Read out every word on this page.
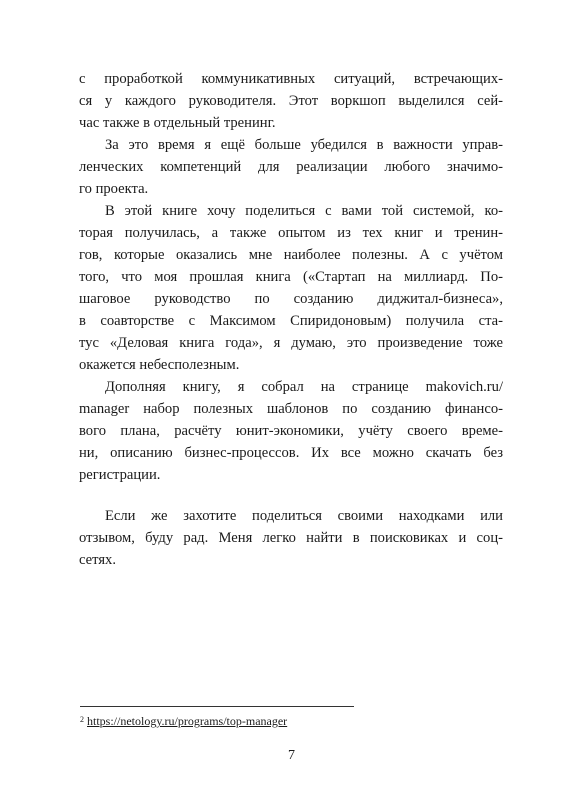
с проработкой коммуникативных ситуаций, встречающих-
ся у каждого руководителя. Этот воркшоп выделился сей-
час также в отдельный тренинг.
За это время я ещё больше убедился в важности управ-
ленческих компетенций для реализации любого значимо-
го проекта.
В этой книге хочу поделиться с вами той системой, ко-
торая получилась, а также опытом из тех книг и тренин-
гов, которые оказались мне наиболее полезны. А с учётом
того, что моя прошлая книга («Стартап на миллиард. По-
шаговое руководство по созданию диджитал-бизнеса»,
в соавторстве с Максимом Спиридоновым) получила ста-
тус «Деловая книга года», я думаю, это произведение тоже
окажется небесполезным.
Дополняя книгу, я собрал на странице makovich.ru/
manager набор полезных шаблонов по созданию финансо-
вого плана, расчёту юнит-экономики, учёту своего време-
ни, описанию бизнес-процессов. Их все можно скачать без
регистрации.
Если же захотите поделиться своими находками или
отзывом, буду рад. Меня легко найти в поисковиках и соц-
сетях.
$^2$ https://netology.ru/programs/top-manager
7
